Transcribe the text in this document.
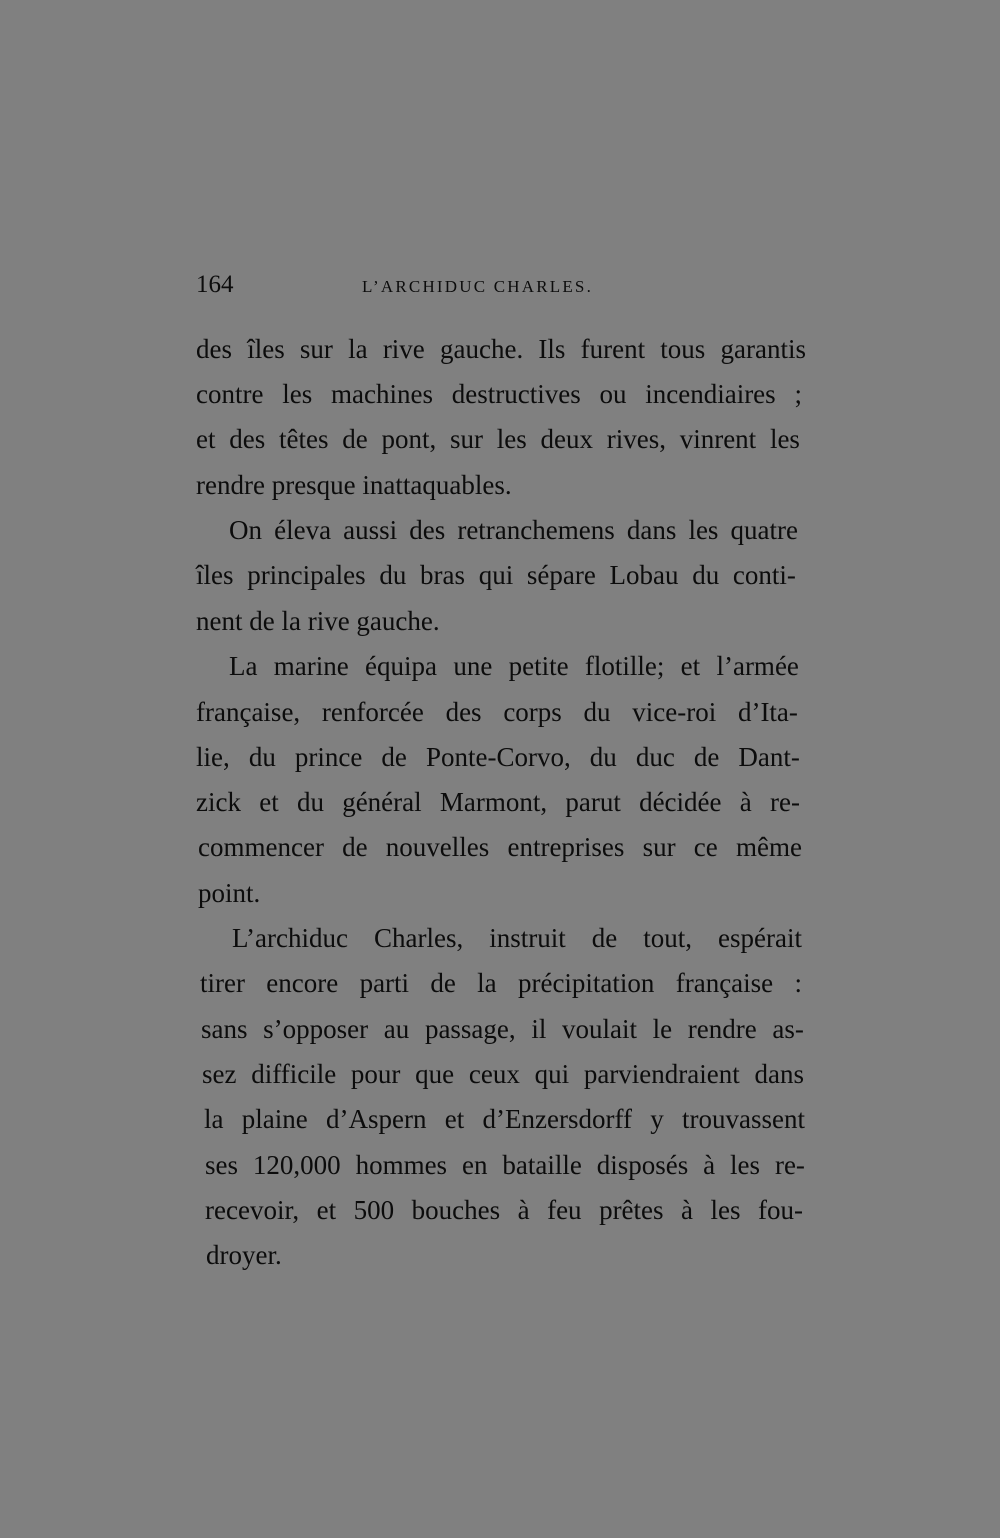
164	L’ARCHIDUC CHARLES.
des îles sur la rive gauche. Ils furent tous garantis
contre les machines destructives ou incendiaires ;
et des têtes de pont, sur les deux rives, vinrent les
rendre presque inattaquables.
On éleva aussi des retranchemens dans les quatre
îles principales du bras qui sépare Lobau du conti-
nent de la rive gauche.
La marine équipa une petite flotille; et l’armée
française, renforcée des corps du vice-roi d’Ita-
lie, du prince de Ponte-Corvo, du duc de Dant-
zick et du général Marmont, parut décidée à re-
commencer de nouvelles entreprises sur ce même
point.
L’archiduc Charles, instruit de tout, espérait
tirer encore parti de la précipitation française :
sans s’opposer au passage, il voulait le rendre as-
sez difficile pour que ceux qui parviendraient dans
la plaine d’Aspern et d’Enzersdorff y trouvassent
ses 120,000 hommes en bataille disposés à les re-
recevoir, et 500 bouches à feu prêtes à les fou-
droyer.
